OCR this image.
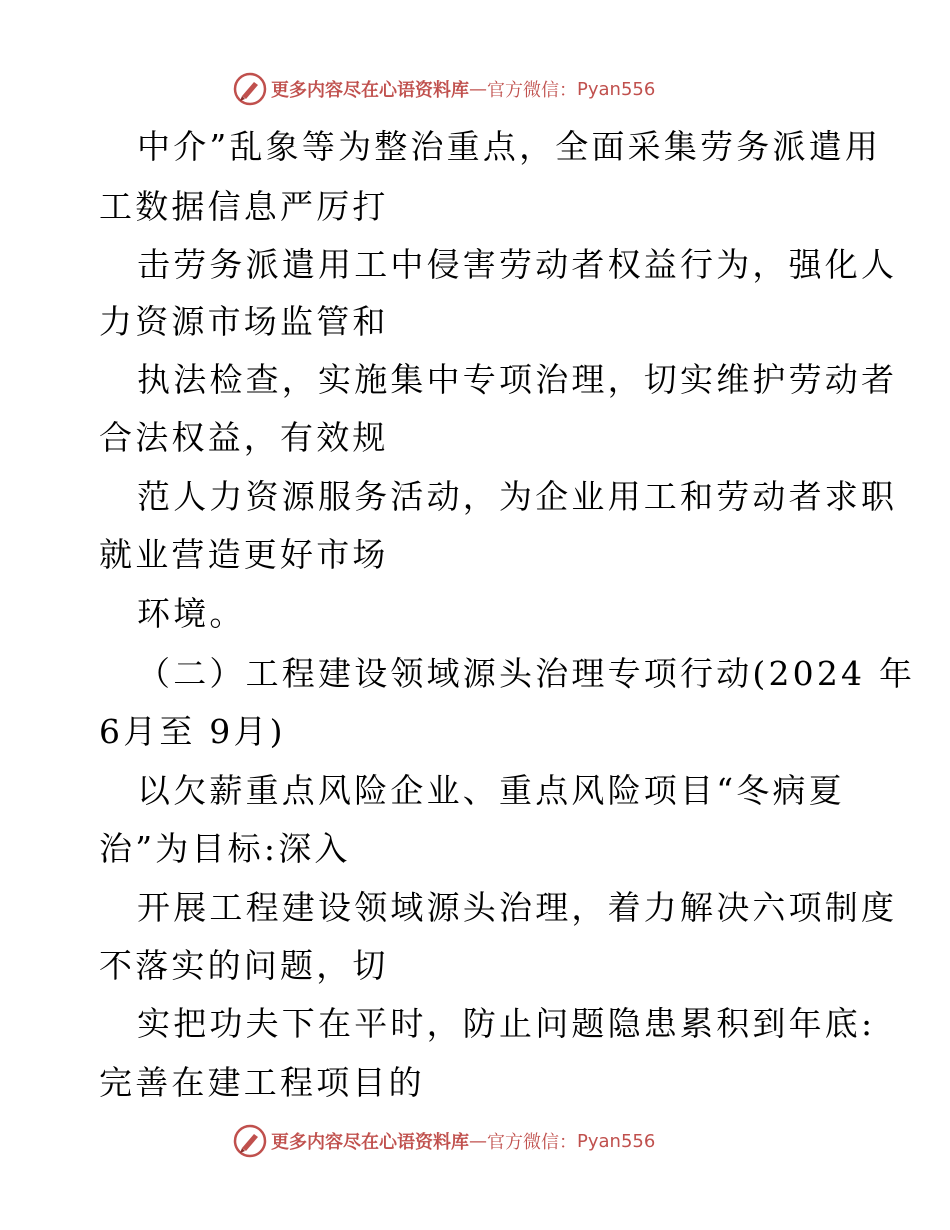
更多内容尽在心语资料库 — 官方微信： Pyan556
中介”乱象等为整治重点，全面采集劳务派遣用
工数据信息严厉打
击劳务派遣用工中侵害劳动者权益行为，强化人
力资源市场监管和
执法检查，实施集中专项治理，切实维护劳动者
合法权益，有效规
范人力资源服务活动，为企业用工和劳动者求职
就业营造更好市场
环境。
（二）工程建设领域源头治理专项行动(2024 年
6月至 9月)
以欠薪重点风险企业、重点风险项目“冬病夏
治”为目标:深入
开展工程建设领域源头治理，着力解决六项制度
不落实的问题，切
实把功夫下在平时，防止问题隐患累积到年底:
完善在建工程项目的
更多内容尽在心语资料库 — 官方微信： Pyan556
